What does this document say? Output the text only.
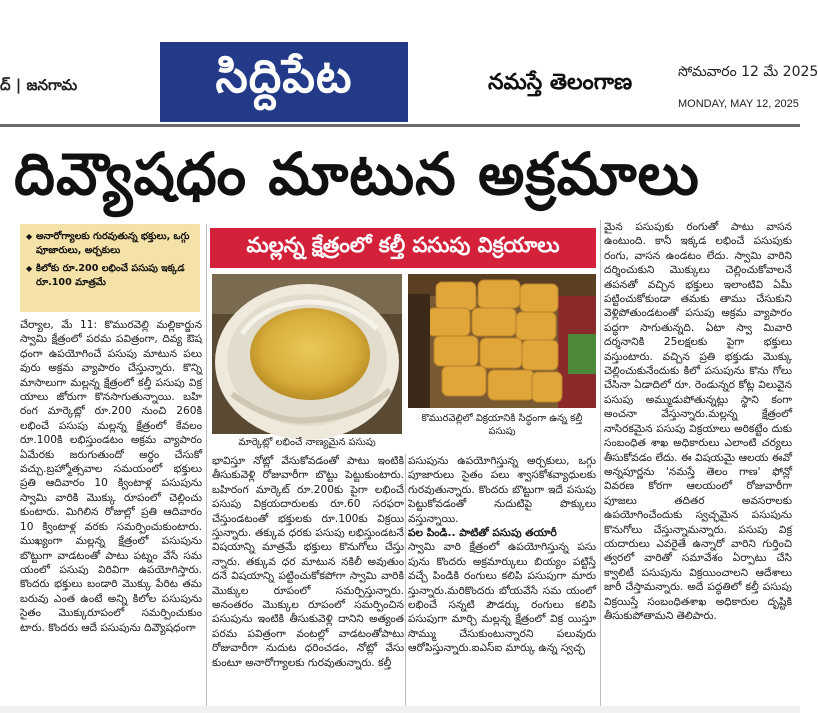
ద్ | జనగామ	సిద్దిపేట	నమస్తే తెలంగాణ	సోమవారం 12 మే 2025
MONDAY, MAY 12, 2025
దివ్యౌషధం మాటున అక్రమాలు
◆ అనారోగ్యాలకు గురవుతున్న భక్తులు, ఒగ్గు పూజారులు, అర్చకులు
◆ కిలోకు రూ.200 లభించే పసుపు ఇక్కడ రూ.100 మాత్రమే

చేర్యాల, మే 11: కొమురవెల్లి మల్లికార్జున స్వామి క్షేత్రంలో పరమ పవిత్రంగా, దివ్య ఔష ధంగా ఉపయోగించే పసుపు మాటున పలు వురు అక్రమ వ్యాపారం చేస్తున్నారు. కొన్ని మాసాలుగా మల్లన్న క్షేత్రంలో కల్తీ పసుపు విక్ర యాలు జోరుగా కొనసాగుతున్నాయి. బహి రంగ మార్కెట్లో రూ.200 నుంచి 260కి లభించే పసుపు మల్లన్న క్షేత్రంలో కేవలం రూ.100కి లభిస్తుండటం అక్రమ వ్యాపారం ఏమేరకు జరుగుతుందో అర్థం చేసుకో వచ్చు.బ్రహ్మోత్సవాల సమయంలో భక్తులు ప్రతి ఆదివారం 10 క్వింటాళ్ల పసుపును స్వామి వారికి మొక్కు రూపంలో చెల్లించు కుంటారు. మిగిలిన రోజుల్లో ప్రతి ఆదివారం 10 క్వింటాళ్ల వరకు సమర్పించుకుంటారు. ముఖ్యంగా మల్లన్న క్షేత్రంలో పసుపును బొట్టుగా వాడటంతో పాటు పట్నం వేసే సమ యంలో పసుపు విరివిగా ఉపయోగిస్తారు. కొందరు భక్తులు బండారి మొక్కు పేరిట తమ బరువు ఎంత ఉంటే అన్ని కిలోల పసుపును సైతం మొక్కురూపంలో సమర్పించుకుం టారు. కొందరు ఆదే పసుపును దివ్యౌషధంగా

మల్లన్న క్షేత్రంలో కల్తీ పసుపు విక్రయాలు
మార్కెట్లో లభించే నాణ్యమైన పసుపు
కొమురవెల్లిలో విక్రయానికి సిద్ధంగా ఉన్న కల్తీ పసుపు

భావిస్తూ నోట్లో వేసుకోవడంతో పాటు ఇంటికి తీసుకువెళ్లి రోజువారీగా బొట్టు పెట్టుకుంటారు. బహిరంగ మార్కెట్ రూ.200కు పైగా లభించే పసుపు విక్రయదారులకు రూ.60 సరఫరా చేస్తుండటంతో భక్తులకు రూ.100కు విక్రయి స్తున్నారు. తక్కువ ధరకు పసుపు లభిస్తుండటనే విషయాన్ని మాత్రమే భక్తులు కొనుగోలు చేస్తు న్నారు. తక్కువ ధర మాటున నకిలీ అవుతుం దనే విషయాన్ని పట్టించుకోకపోగా స్వామి వారికి మొక్కుల రూపంలో సమర్పిస్తున్నారు. అనంతరం మొక్కుల రూపంలో సమర్పించిన పసుపును ఇంటికి తీసుకువెళ్లి దానిని అత్యంత పరమ పవిత్రంగా వంటల్లో వాడటంతోపాటు రోజువారీగా నుదుట ధరించడం, నోట్లో వేసు కుంటూ అనారోగ్యాలకు గురవుతున్నారు. కల్తీ

పసుపును ఉపయోగిస్తున్న అర్చకులు, ఒగ్గు పూజారులు సైతం పలు శ్వాసకోశవ్యాధులకు గురవుతున్నారు. కొందరు బొట్టుగా ఇదే పసుపు పెట్టుకోవడంతో నుదుటిపై పొక్కులు వస్తున్నాయి.

పల పిండి.. పాటితో పసుపు తయారీ

స్వామి వారి క్షేత్రంలో ఉపయోగిస్తున్న పసు పును కొందరు అక్రమార్కులు బియ్యం పట్టిస్తే వచ్చే పిండికి రంగులు కలిపి పసుపుగా మారు స్తున్నారు.మరికొందరు బోయవేసే సమ యంలో లభించే సన్నటి పౌడర్కు రంగులు కలిపి పసుపుగా మార్చి మల్లన్న క్షేత్రంలో విక్ర యిస్తూ సొమ్ము చేసుకుంటున్నారని పలువురు ఆరోపిస్తున్నారు.ఐఎస్ఐ మార్కు ఉన్న స్వచ్ఛ

మైన పసుపుకు రంగుతో పాటు వాసన ఉంటుంది. కానీ ఇక్కడ లభించే పసుపుకు రంగు, వాసన ఉండటం లేదు. స్వామి వారిని దర్శించుకుని మొక్కులు చెల్లించుకోవాలనే తపనతో వచ్చిన భక్తులు ఇలాంటివి ఏమీ పట్టించుకోకుండా తమకు తాము చేసుకుని వెళ్లిపోతుండటంతో పసుపు అక్రమ వ్యాపారం పద్ధగా సాగుతున్నది. ఏటా స్వా మివారి దర్శనానికి 25లక్షలకు పైగా భక్తులు వస్తుంటారు. వచ్చిన ప్రతి భక్తుడు మొక్కు చెల్లించుకునేందుకు కిలో పసుపును కొను గోలు చేసినా ఏడాదిలో రూ. రెండున్నర కోట్ల విలువైన పసుపు అమ్ముడుపోతున్నట్లు స్థాని కంగా అంచనా వేస్తున్నారు.మల్లన్న క్షేత్రంలో నాసిరకమైన పసుపు విక్రయాలు అరికట్టేం దుకు సంబంధిత శాఖ అధికారులు ఎలాంటి చర్యలు తీసుకోవడం లేదు. ఈ విషయమై ఆలయ ఈవో అన్నపూర్ణను 'నమస్తే తెలం గాణ' ఫోన్లో వివరణ కోరగా ఆలయంలో రోజువారీగా పూజలు తదితర అవసరాలకు ఉపయోగించేందుకు స్వచ్ఛమైన పసుపును కొనుగోలు చేస్తున్నామన్నారు. పసుపు విక్ర యదారులు ఎవరైతే ఉన్నారో వారిని గుర్తించి త్వరలో వారితో సమావేశం ఏర్పాటు చేసి క్వాలిటీ పసుపును విక్రయించాలని ఆదేశాలు జారీ చేస్తామన్నారు. అదే పద్ధతిలో కల్తీ పసుపు విక్రయిస్తే సంబంధితశాఖ అధికారుల దృష్టికి తీసుకుపోతామని తెలిపారు.
